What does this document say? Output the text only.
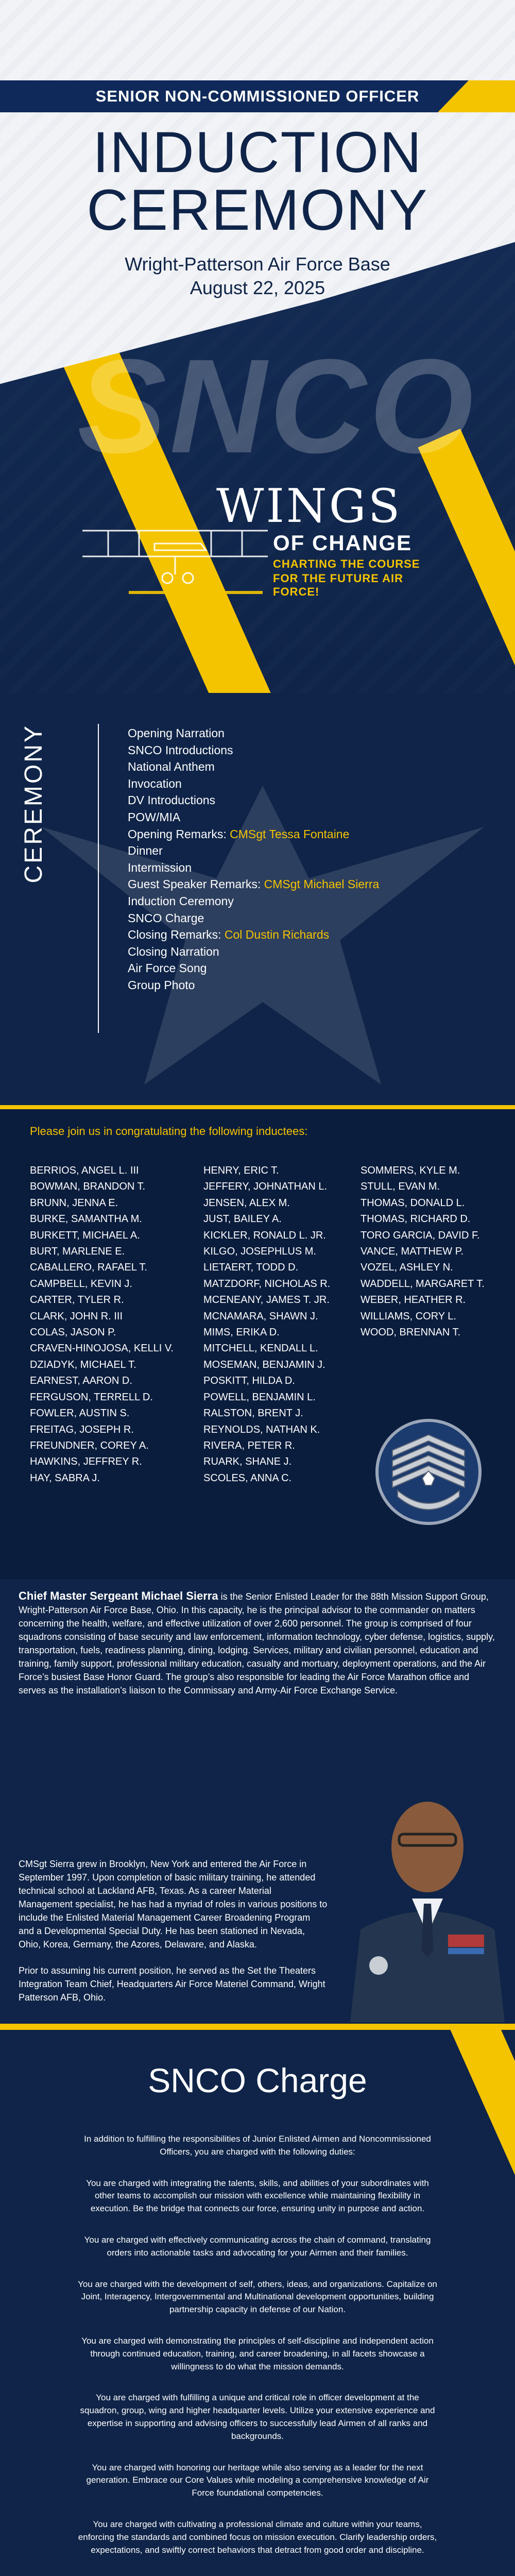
SENIOR NON-COMMISSIONED OFFICER
INDUCTION
CEREMONY
Wright-Patterson Air Force Base
August 22, 2025
SNCO
WINGS
OF CHANGE
CHARTING THE COURSE
FOR THE FUTURE AIR FORCE!
CEREMONY	Opening Narration
SNCO Introductions
National Anthem
Invocation
DV Introductions
POW/MIA
Opening Remarks: CMSgt Tessa Fontaine
Dinner
Intermission
Guest Speaker Remarks: CMSgt Michael Sierra
Induction Ceremony
SNCO Charge
Closing Remarks: Col Dustin Richards
Closing Narration
Air Force Song
Group Photo
Please join us in congratulating the following inductees:
BERRIOS, ANGEL L. III
BOWMAN, BRANDON T.
BRUNN, JENNA E.
BURKE, SAMANTHA M.
BURKETT, MICHAEL A.
BURT, MARLENE E.
CABALLERO, RAFAEL T.
CAMPBELL, KEVIN J.
CARTER, TYLER R.
CLARK, JOHN R. III
COLAS, JASON P.
CRAVEN-HINOJOSA, KELLI V.
DZIADYK, MICHAEL T.
EARNEST, AARON D.
FERGUSON, TERRELL D.
FOWLER, AUSTIN S.
FREITAG, JOSEPH R.
FREUNDNER, COREY A.
HAWKINS, JEFFREY R.
HAY, SABRA J.
HENRY, ERIC T.
JEFFERY, JOHNATHAN L.
JENSEN, ALEX M.
JUST, BAILEY A.
KICKLER, RONALD L. JR.
KILGO, JOSEPHLUS M.
LIETAERT, TODD D.
MATZDORF, NICHOLAS R.
MCENEANY, JAMES T. JR.
MCNAMARA, SHAWN J.
MIMS, ERIKA D.
MITCHELL, KENDALL L.
MOSEMAN, BENJAMIN J.
POSKITT, HILDA D.
POWELL, BENJAMIN L.
RALSTON, BRENT J.
REYNOLDS, NATHAN K.
RIVERA, PETER R.
RUARK, SHANE J.
SCOLES, ANNA C.
SOMMERS, KYLE M.
STULL, EVAN M.
THOMAS, DONALD L.
THOMAS, RICHARD D.
TORO GARCIA, DAVID F.
VANCE, MATTHEW P.
VOZEL, ASHLEY N.
WADDELL, MARGARET T.
WEBER, HEATHER R.
WILLIAMS, CORY L.
WOOD, BRENNAN T.

Chief Master Sergeant Michael Sierra is the Senior Enlisted Leader for the 88th Mission Support Group, Wright-Patterson Air Force Base, Ohio. In this capacity, he is the principal advisor to the commander on matters concerning the health, welfare, and effective utilization of over 2,600 personnel. The group is comprised of four squadrons consisting of base security and law enforcement, information technology, cyber defense, logistics, supply, transportation, fuels, readiness planning, dining, lodging. Services, military and civilian personnel, education and training, family support, professional military education, casualty and mortuary, deployment operations, and the Air Force’s busiest Base Honor Guard. The group’s also responsible for leading the Air Force Marathon office and serves as the installation’s liaison to the Commissary and Army-Air Force Exchange Service.

CMSgt Sierra grew in Brooklyn, New York and entered the Air Force in September 1997. Upon completion of basic military training, he attended technical school at Lackland AFB, Texas. As a career Material Management specialist, he has had a myriad of roles in various positions to include the Enlisted Material Management Career Broadening Program and a Developmental Special Duty. He has been stationed in Nevada, Ohio, Korea, Germany, the Azores, Delaware, and Alaska.

Prior to assuming his current position, he served as the Set the Theaters Integration Team Chief, Headquarters Air Force Materiel Command, Wright Patterson AFB, Ohio.

SNCO Charge

In addition to fulfilling the responsibilities of Junior Enlisted Airmen and Noncommissioned Officers, you are charged with the following duties:

You are charged with integrating the talents, skills, and abilities of your subordinates with other teams to accomplish our mission with excellence while maintaining flexibility in execution. Be the bridge that connects our force, ensuring unity in purpose and action.

You are charged with effectively communicating across the chain of command, translating orders into actionable tasks and advocating for your Airmen and their families.

You are charged with the development of self, others, ideas, and organizations. Capitalize on Joint, Interagency, Intergovernmental and Multinational development opportunities, building partnership capacity in defense of our Nation.

You are charged with demonstrating the principles of self-discipline and independent action through continued education, training, and career broadening, in all facets showcase a willingness to do what the mission demands.

You are charged with fulfilling a unique and critical role in officer development at the squadron, group, wing and higher headquarter levels. Utilize your extensive experience and expertise in supporting and advising officers to successfully lead Airmen of all ranks and backgrounds.

You are charged with honoring our heritage while also serving as a leader for the next generation. Embrace our Core Values while modeling a comprehensive knowledge of Air Force foundational competencies.

You are charged with cultivating a professional climate and culture within your teams, enforcing the standards and combined focus on mission execution. Clarify leadership orders, expectations, and swiftly correct behaviors that detract from good order and discipline.
